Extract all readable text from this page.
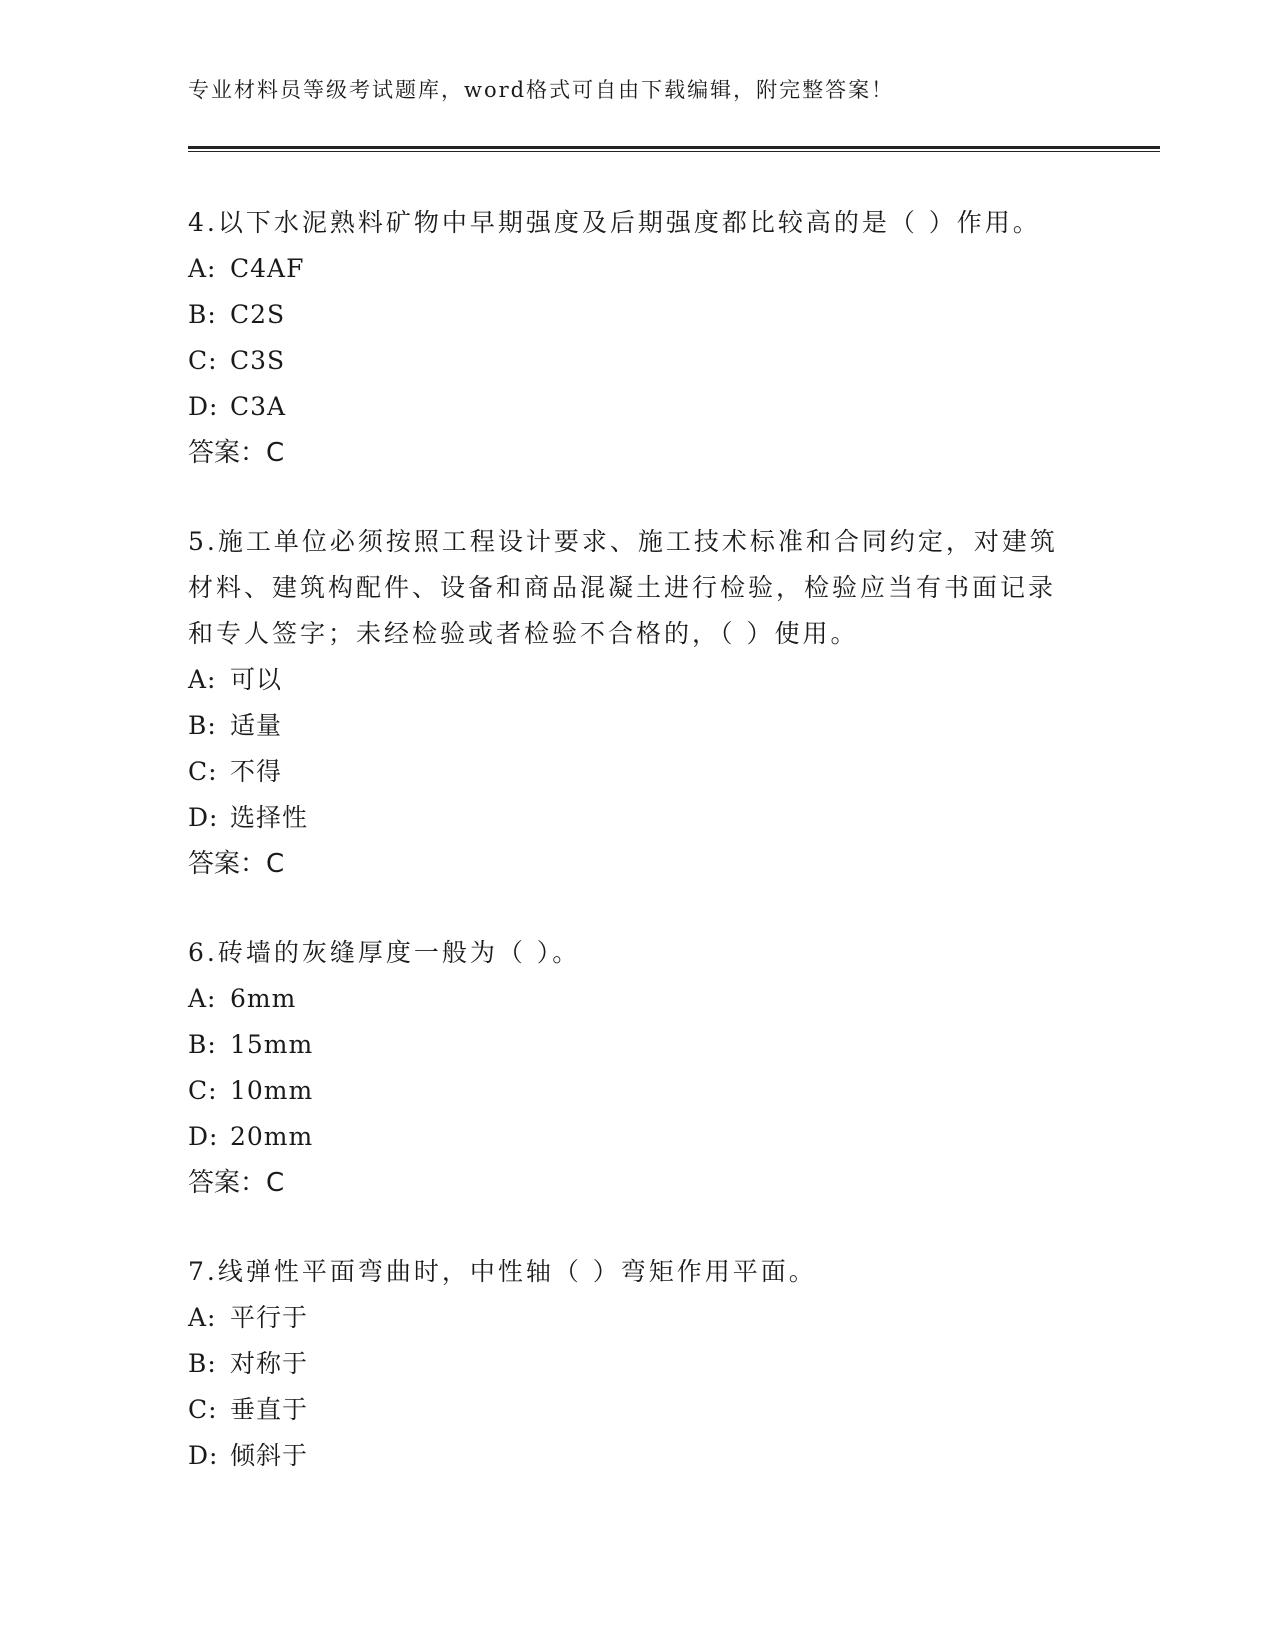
专业材料员等级考试题库，word格式可自由下载编辑，附完整答案！

4.以下水泥熟料矿物中早期强度及后期强度都比较高的是（ ）作用。

A: C4AF

B: C2S

C: C3S

D: C3A

答案：C

5.施工单位必须按照工程设计要求、施工技术标准和合同约定，对建筑材料、建筑构配件、设备和商品混凝土进行检验，检验应当有书面记录和专人签字；未经检验或者检验不合格的，（ ）使用。

A: 可以

B: 适量

C: 不得

D: 选择性

答案：C

6.砖墙的灰缝厚度一般为（ ）。

A: 6mm

B: 15mm

C: 10mm

D: 20mm

答案：C

7.线弹性平面弯曲时，中性轴（ ）弯矩作用平面。

A: 平行于

B: 对称于

C: 垂直于

D: 倾斜于
